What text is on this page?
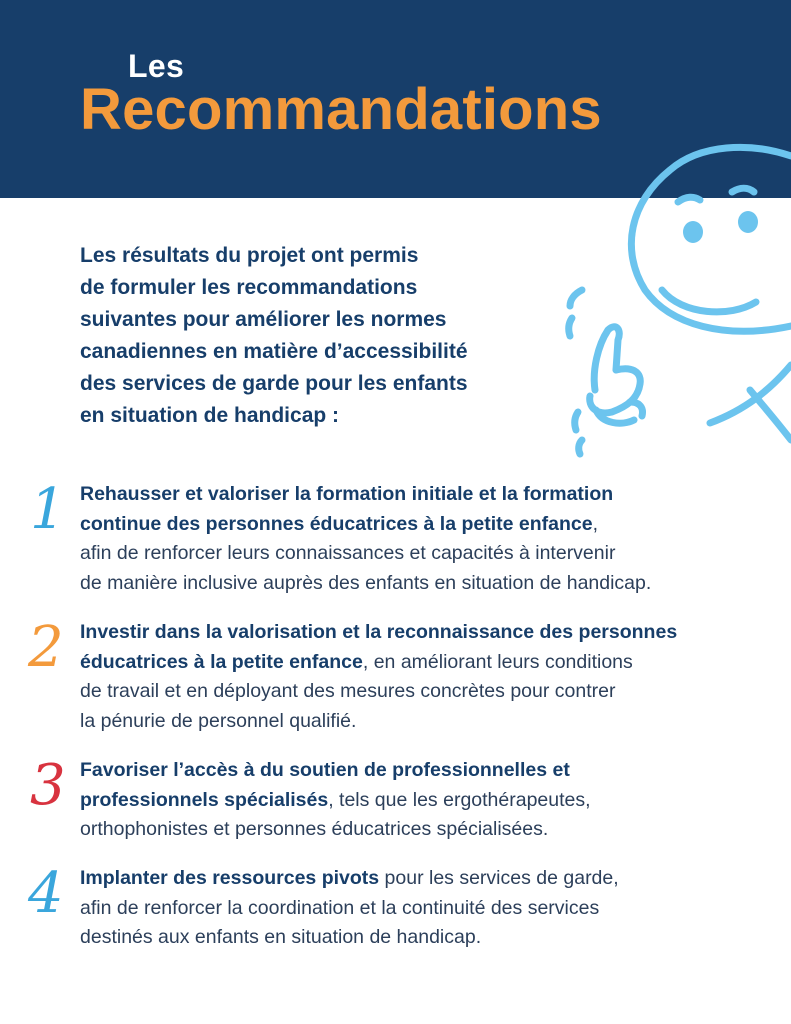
Les
Recommandations
Les résultats du projet ont permis
de formuler les recommandations
suivantes pour améliorer les normes
canadiennes en matière d’accessibilité
des services de garde pour les enfants
en situation de handicap :
1 Rehausser et valoriser la formation initiale et la formation
continue des personnes éducatrices à la petite enfance,
afin de renforcer leurs connaissances et capacités à intervenir
de manière inclusive auprès des enfants en situation de handicap.
2 Investir dans la valorisation et la reconnaissance des personnes
éducatrices à la petite enfance, en améliorant leurs conditions
de travail et en déployant des mesures concrètes pour contrer
la pénurie de personnel qualifié.
3 Favoriser l’accès à du soutien de professionnelles et
professionnels spécialisés, tels que les ergothérapeutes,
orthophonistes et personnes éducatrices spécialisées.
4 Implanter des ressources pivots pour les services de garde,
afin de renforcer la coordination et la continuité des services
destinés aux enfants en situation de handicap.
